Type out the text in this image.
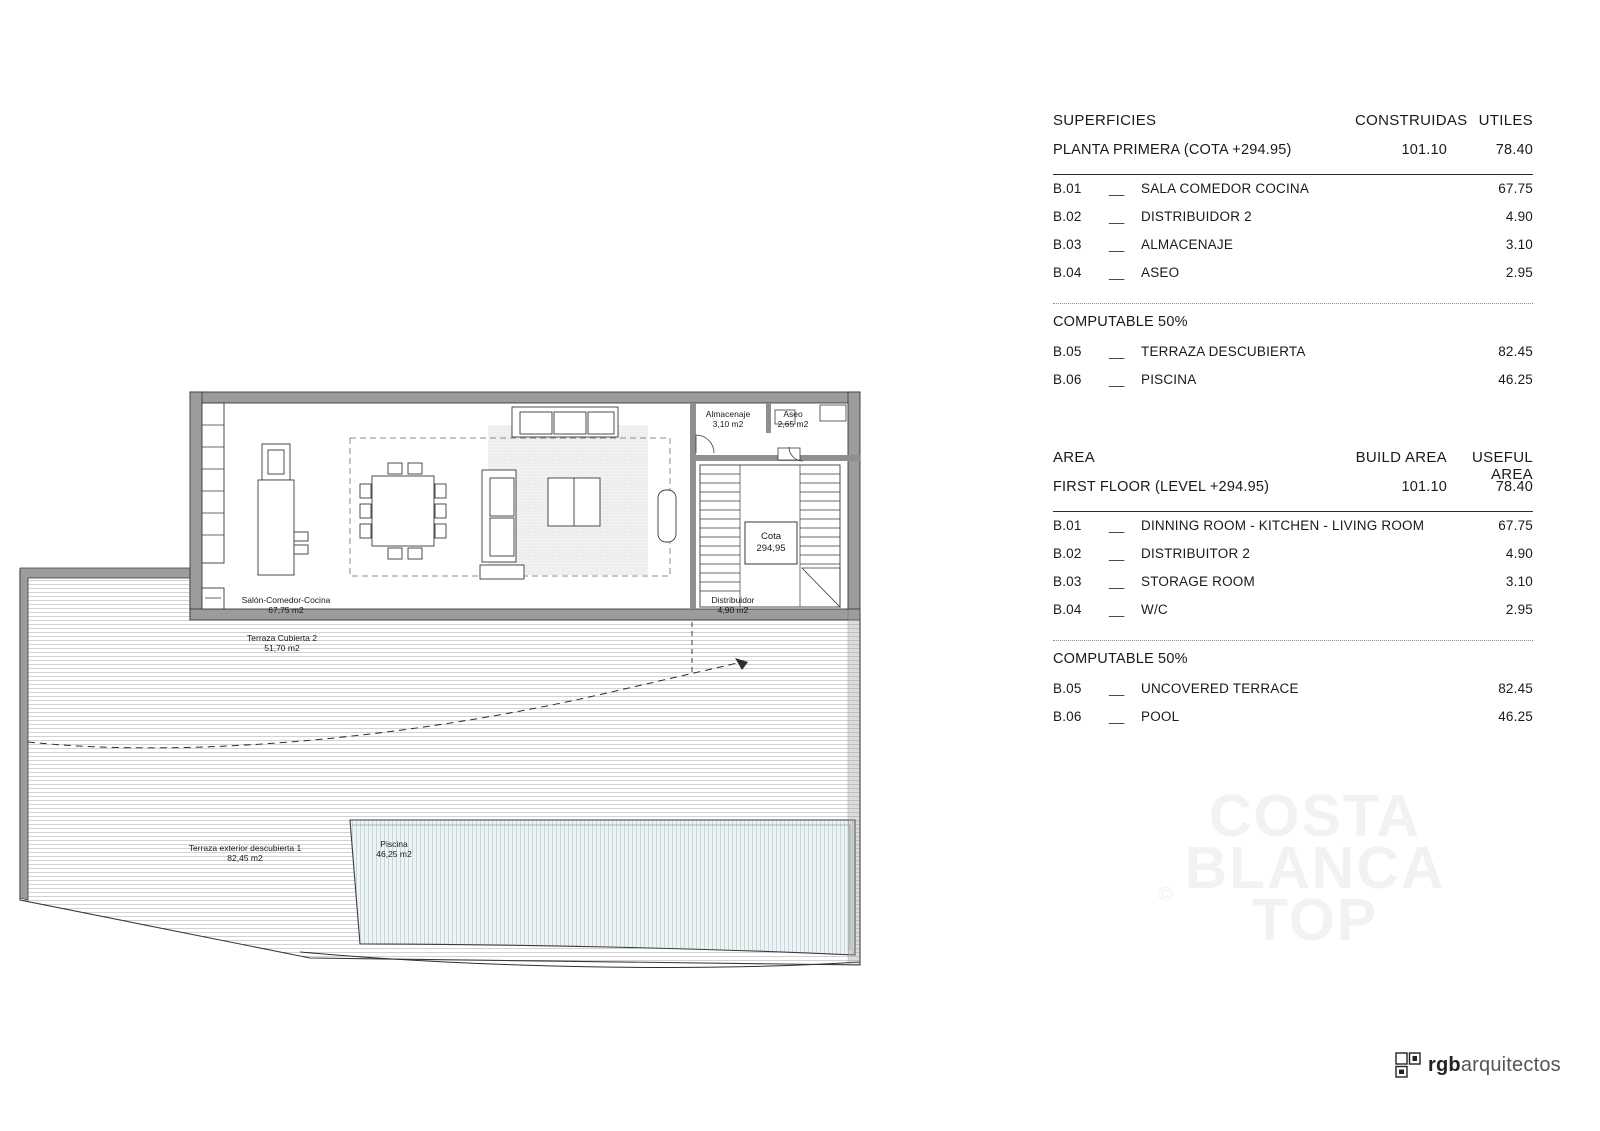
Cota
294,95
Almacenaje
3,10 m2
Aseo
2,65 m2
Salón-Comedor-Cocina
67,75 m2
Distribuidor
4,90 m2
Terraza Cubierta 2
51,70 m2
Terraza exterior descubierta 1
82,45 m2
Piscina
46,25 m2
SUPERFICIES	CONSTRUIDAS UTILES
PLANTA PRIMERA (COTA +294.95)	101.10	78.40
B.01	__	SALA COMEDOR COCINA	67.75
B.02	__	DISTRIBUIDOR 2	4.90
B.03	__	ALMACENAJE	3.10
B.04	__	ASEO	2.95
COMPUTABLE 50%
B.05	__	TERRAZA DESCUBIERTA	82.45
B.06	__	PISCINA	46.25
AREA	BUILD AREA	USEFUL AREA
FIRST FLOOR (LEVEL +294.95)	101.10	78.40
B.01	__	DINNING ROOM - KITCHEN - LIVING ROOM	67.75
B.02	__	DISTRIBUITOR 2	4.90
B.03	__	STORAGE ROOM	3.10
B.04	__	W/C	2.95
COMPUTABLE 50%
B.05	__	UNCOVERED TERRACE	82.45
B.06	__	POOL	46.25
COSTA
BLANCA
TOP
©
rgbarquitectos
